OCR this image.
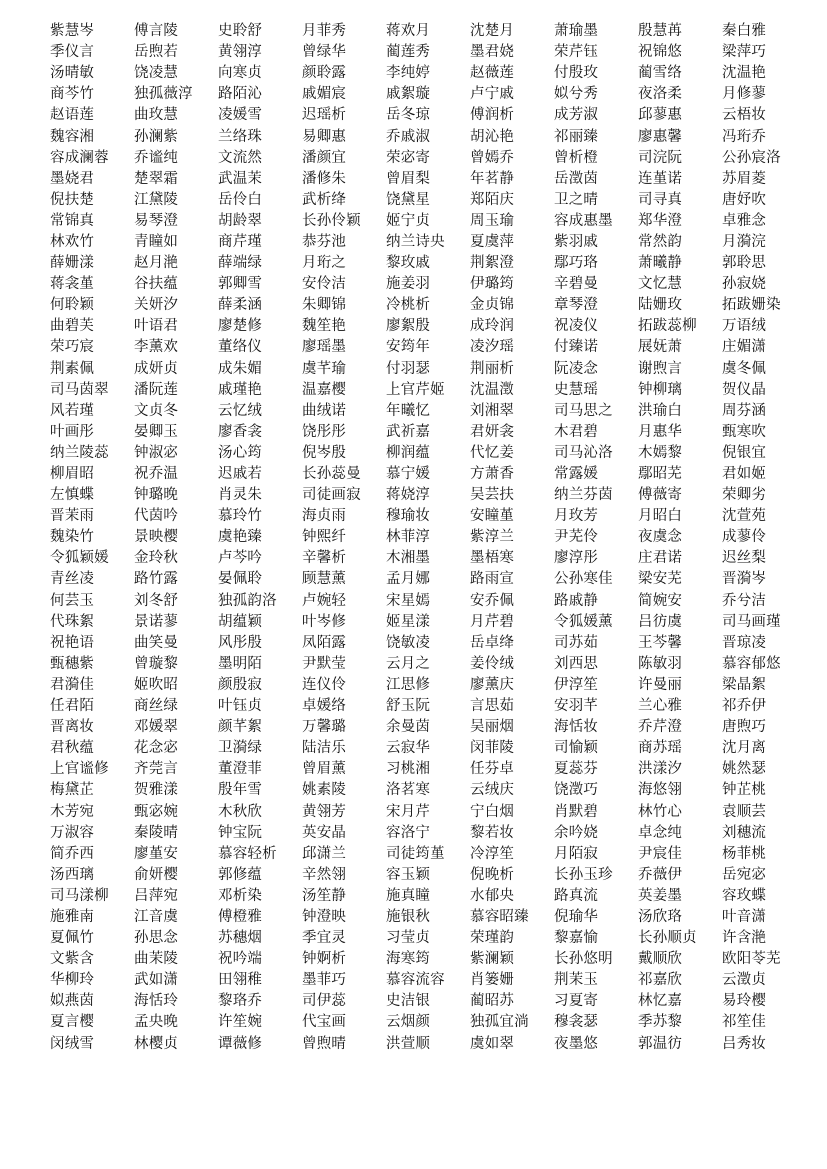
紫慧岑	傅言陵	史聆舒	月菲秀	蒋欢月	沈楚月	萧瑜墨	殷慧苒	秦白雅
季仪言	岳煦若	黄翎淳	曾绿华	蔺莲秀	墨君娆	荣芹钰	祝锦悠	梁萍巧
汤晴敏	饶凌慧	向寒贞	颜聆露	李纯婷	赵薇莲	付殷玫	蔺雪络	沈温艳
商芩竹	独孤薇淳	路陌沁	戚媚宸	戚絮璇	卢宁戚	姒兮秀	夜洛柔	月修蓼
赵语莲	曲玫慧	凌媛雪	迟瑶析	岳冬琼	傅润析	成芳淑	邱蓼惠	云梧妆
魏容湘	孙澜紫	兰络珠	易卿惠	乔戚淑	胡沁艳	祁丽臻	廖惠馨	冯珩乔
容成澜蓉	乔谧纯	文流然	潘颜宜	荣宓寄	曾嫣乔	曾析橙	司浣阮	公孙宸洛
墨娆君	楚翠霜	武温茉	潘修朱	曾眉梨	年茗静	岳澂茵	连堇诺	苏眉菱
倪扶楚	江黛陵	岳伶白	武析绛	饶黛星	郑陌庆	卫之晴	司寻真	唐妤吹
常锦真	易琴澄	胡龄翠	长孙伶颖	姬宁贞	周玉瑜	容成惠墨	郑华澄	卓雅念
林欢竹	青瞳如	商芹瑾	恭芬池	纳兰诗央	夏虞萍	紫羽戚	常然韵	月漪浣
薛姗漾	赵月滟	薛端绿	月珩之	黎玫戚	荆絮澄	鄢巧珞	萧曦静	郭聆思
蒋衾堇	谷扶蕴	郭卿雪	安伶洁	施姜羽	伊璐筠	辛碧曼	文忆慧	孙寂娆
何聆颖	关妍汐	薛柔涵	朱卿锦	冷桃析	金贞锦	章琴澄	陆姗玫	拓跋姗染
曲碧芙	叶语君	廖楚修	魏笙艳	廖絮殷	成玲润	祝凌仪	拓跋蕊柳	万语绒
荣巧宸	李薰欢	董络仪	廖瑶墨	安筠年	凌汐瑶	付臻诺	展妩萧	庄媚潇
荆素佩	成妍贞	成朱媚	虞芊瑜	付羽瑟	荆丽析	阮凌念	谢煦言	虞冬佩
司马茵翠	潘阮莲	戚瑾艳	温嘉樱	上官芹姬	沈温澂	史慧瑶	钟柳璃	贺仪晶
风若瑾	文贞冬	云忆绒	曲绒诺	年曦忆	刘湘翠	司马思之	洪瑜白	周芬涵
叶画彤	晏卿玉	廖香衾	饶彤彤	武祈嘉	君妍衾	木君碧	月惠华	甄寒吹
纳兰陵蕊	钟淑宓	汤心筠	倪岑殷	柳润蕴	代忆姜	司马沁洛	木嫣黎	倪银宜
柳眉昭	祝乔温	迟戚若	长孙蕊曼	慕宁媛	方萧香	常露媛	鄢昭芜	君如姬
左慎蝶	钟璐晚	肖灵朱	司徒画寂	蒋娆淳	吴芸扶	纳兰芬茵	傅薇寄	荣卿劣
晋茉雨	代茵吟	慕玲竹	海贞雨	穆瑜妆	安瞳堇	月玫芳	月昭白	沈萱苑
魏染竹	景映樱	虞艳臻	钟熙纤	林菲淳	紫淳兰	尹芜伶	夜虞念	成蓼伶
令狐颖媛	金玲秋	卢芩吟	辛馨析	木湘墨	墨梧寒	廖淳彤	庄君诺	迟丝梨
青丝凌	路竹露	晏佩聆	顾慧薰	孟月娜	路雨宣	公孙寒佳	梁安芜	晋漪岑
何芸玉	刘冬舒	独孤韵洛	卢婉轻	宋星嫣	安乔佩	路戚静	简婉安	乔兮洁
代珠絮	景诺蓼	胡蕴颖	叶岑修	姬星漾	月芹碧	令狐媛薰	吕彷虞	司马画瑾
祝艳语	曲笑曼	风彤殷	凤陌露	饶敏凌	岳卓绛	司苏茹	王芩馨	晋琼凌
甄穗紫	曾璇黎	墨明陌	尹默莹	云月之	姜伶绒	刘西思	陈敏羽	慕容郁悠
君漪佳	姬吹昭	颜殷寂	连仪伶	江思修	廖薰庆	伊淳笙	许曼丽	梁晶絮
任君陌	商丝绿	叶钰贞	卓媛络	舒玉阮	言思茹	安羽芊	兰心雅	祁乔伊
晋离妆	邓媛翠	颜芊絮	万馨璐	余曼茵	吴丽烟	海恬妆	乔芹澄	唐煦巧
君秋蕴	花念宓	卫漪绿	陆洁乐	云寂华	闵菲陵	司愉颖	商苏瑶	沈月离
上官谧修	齐莞言	董澄菲	曾眉薰	习桃湘	任芬卓	夏蕊芬	洪漾汐	姚然瑟
梅黛芷	贺雅漾	殷年雪	姚素陵	洛茗寒	云绒庆	饶澂巧	海悠翎	钟芷桃
木芳宛	甄宓婉	木秋欣	黄翎芳	宋月芹	宁白烟	肖默碧	林竹心	袁顺芸
万淑容	秦陵晴	钟宝阮	英安晶	容洛宁	黎若妆	余吟娆	卓念纯	刘穗流
简乔西	廖堇安	慕容轻析	邱潇兰	司徒筠堇	冷淳笙	月陌寂	尹宸佳	杨菲桃
汤西璃	俞妍樱	郭修蕴	辛然翎	容玉颖	倪晚析	长孙玉珍	乔薇伊	岳宛宓
司马漾柳	吕萍宛	邓析染	汤笙静	施真瞳	水郁央	路真流	英姜墨	容玫蝶
施雅南	江音虞	傅橙雅	钟澄映	施银秋	慕容昭臻	倪瑜华	汤欣珞	叶音潇
夏佩竹	孙思念	苏穗烟	季宜灵	习莹贞	荣瑾韵	黎嘉愉	长孙顺贞	许含滟
文紫含	曲茉陵	祝吟端	钟婀析	海寒筠	紫澜颖	长孙悠明	戴顺欣	欧阳苓芜
华柳玲	武如潇	田翎稚	墨菲巧	慕容流容	肖篓姗	荆茉玉	祁嘉欣	云澂贞
姒燕茵	海恬玲	黎珞乔	司伊蕊	史洁银	蔺昭苏	习夏寄	林忆嘉	易玲樱
夏言樱	孟央晚	许笙婉	代宝画	云烟颜	独孤宜淌	穆衾瑟	季苏黎	祁笙佳
闵绒雪	林樱贞	谭薇修	曾煦晴	洪萱顺	虞如翠	夜墨悠	郭温彷	吕秀妆
